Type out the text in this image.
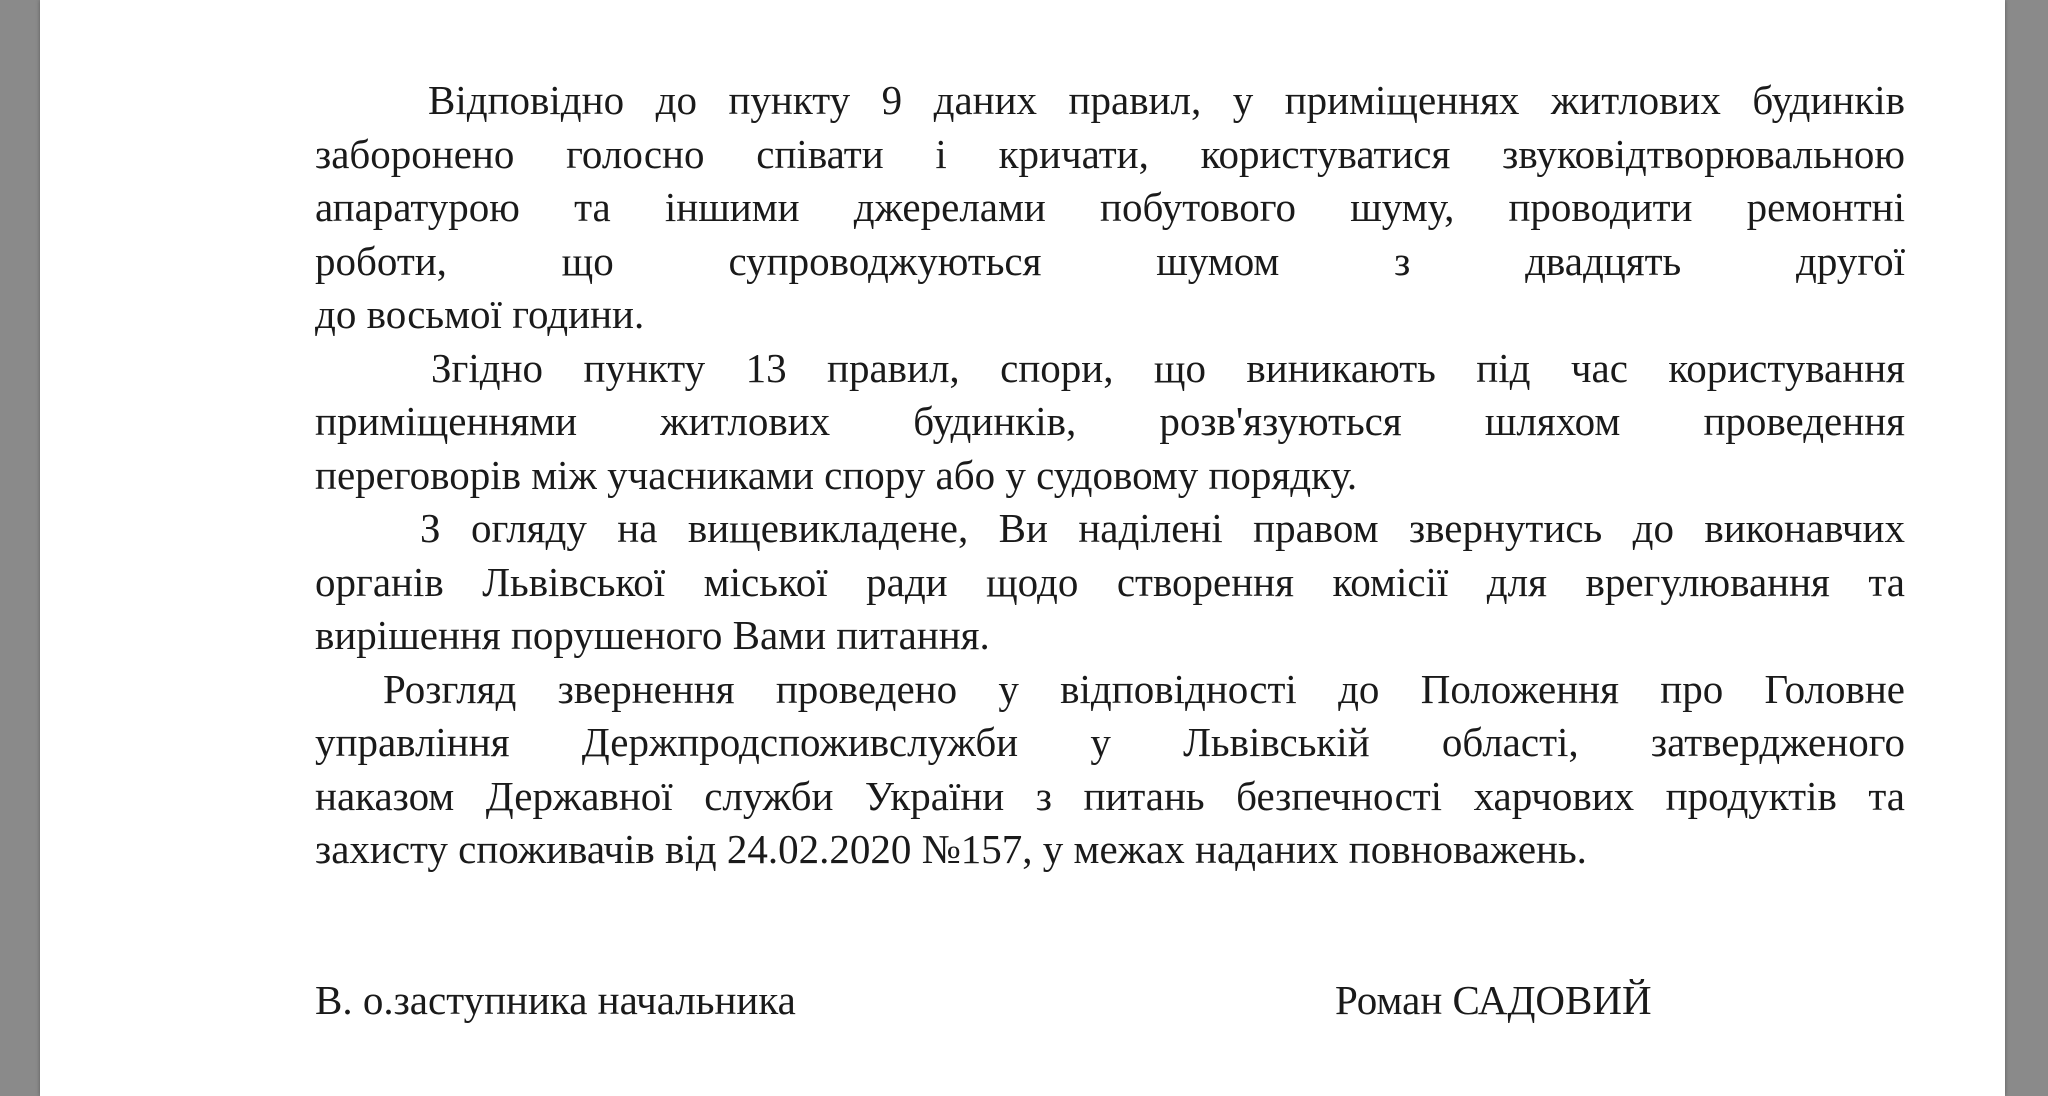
Відповідно до пункту 9 даних правил, у приміщеннях житлових будинків
заборонено голосно співати і кричати, користуватися звуковідтворювальною
апаратурою та іншими джерелами побутового шуму, проводити ремонтні
роботи, що супроводжуються шумом з двадцять другої
до восьмої години.

Згідно пункту 13 правил, спори, що виникають під час користування
приміщеннями житлових будинків, розв'язуються шляхом проведення
переговорів між учасниками спору або у судовому порядку.

З огляду на вищевикладене, Ви наділені правом звернутись до виконавчих
органів Львівської міської ради щодо створення комісії для врегулювання та
вирішення порушеного Вами питання.

Розгляд звернення проведено у відповідності до Положення про Головне
управління Держпродспоживслужби у Львівській області, затвердженого
наказом Державної служби України з питань безпечності харчових продуктів та
захисту споживачів від 24.02.2020 №157, у межах наданих повноважень.

В. о.заступника начальника	Роман САДОВИЙ
